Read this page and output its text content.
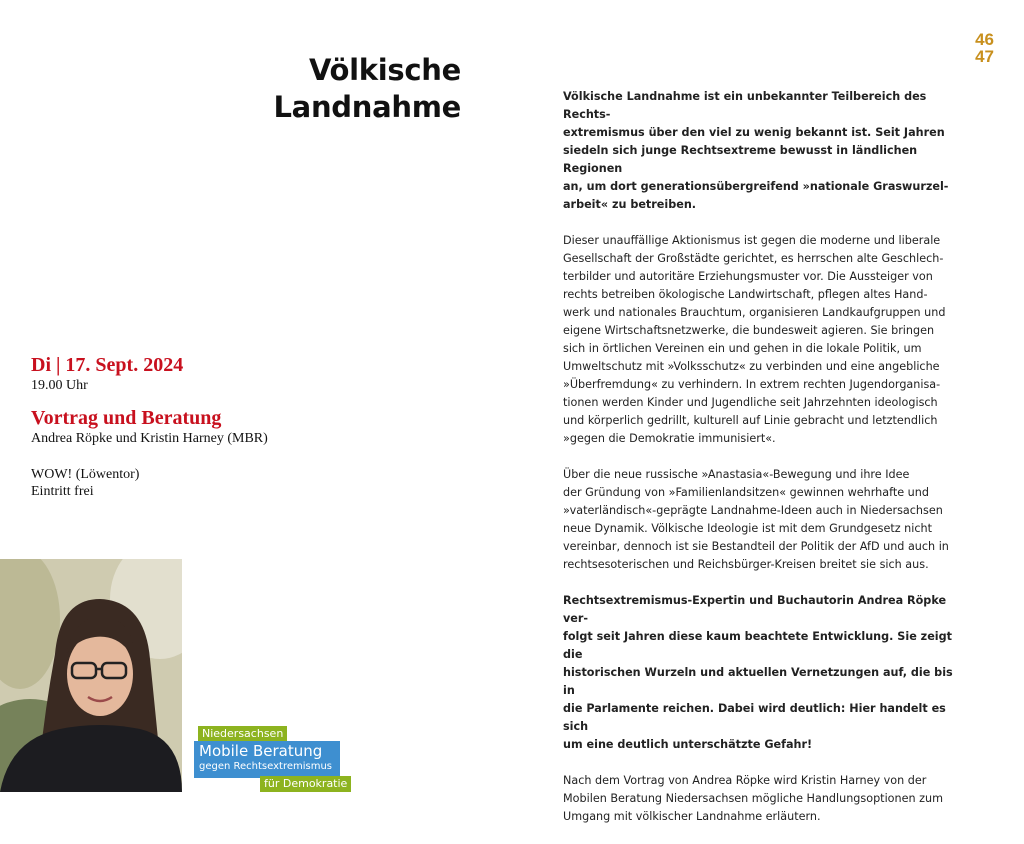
46
47
Völkische
Landnahme

Di | 17. Sept. 2024

19.00 Uhr

Vortrag und Beratung

Andrea Röpke und Kristin Harney (MBR)

WOW! (Löwentor)

Eintritt frei

Völkische Landnahme ist ein unbekannter Teilbereich des Rechts-
extremismus über den viel zu wenig bekannt ist. Seit Jahren
siedeln sich junge Rechtsextreme bewusst in ländlichen Regionen
an, um dort generationsübergreifend »nationale Graswurzel-
arbeit« zu betreiben.

Dieser unauffällige Aktionismus ist gegen die moderne und liberale
Gesellschaft der Großstädte gerichtet, es herrschen alte Geschlech-
terbilder und autoritäre Erziehungsmuster vor. Die Aussteiger von
rechts betreiben ökologische Landwirtschaft, pflegen altes Hand-
werk und nationales Brauchtum, organisieren Landkaufgruppen und
eigene Wirtschaftsnetzwerke, die bundesweit agieren. Sie bringen
sich in örtlichen Vereinen ein und gehen in die lokale Politik, um
Umweltschutz mit »Volksschutz« zu verbinden und eine angebliche
»Überfremdung« zu verhindern. In extrem rechten Jugendorganisa-
tionen werden Kinder und Jugendliche seit Jahrzehnten ideologisch
und körperlich gedrillt, kulturell auf Linie gebracht und letztendlich
»gegen die Demokratie immunisiert«.

Über die neue russische »Anastasia«-Bewegung und ihre Idee
der Gründung von »Familienlandsitzen« gewinnen wehrhafte und
»vaterländisch«-geprägte Landnahme-Ideen auch in Niedersachsen
neue Dynamik. Völkische Ideologie ist mit dem Grundgesetz nicht
vereinbar, dennoch ist sie Bestandteil der Politik der AfD und auch in
rechtsesoterischen und Reichsbürger-Kreisen breitet sie sich aus.

Rechtsextremismus-Expertin und Buchautorin Andrea Röpke ver-
folgt seit Jahren diese kaum beachtete Entwicklung. Sie zeigt die
historischen Wurzeln und aktuellen Vernetzungen auf, die bis in
die Parlamente reichen. Dabei wird deutlich: Hier handelt es sich
um eine deutlich unterschätzte Gefahr!

Nach dem Vortrag von Andrea Röpke wird Kristin Harney von der
Mobilen Beratung Niedersachsen mögliche Handlungsoptionen zum
Umgang mit völkischer Landnahme erläutern.

Niedersachsen
Mobile Beratung
gegen Rechtsextremismus
für Demokratie
